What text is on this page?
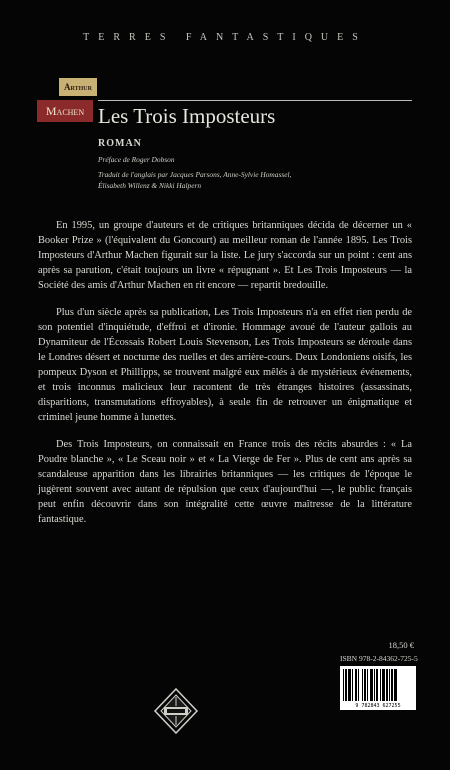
TERRES FANTASTIQUES
Arthur
Machen Les Trois Imposteurs
ROMAN
Préface de Roger Dobson
Traduit de l'anglais par Jacques Parsons, Anne-Sylvie Homassel,
Élisabeth Willenz & Nikki Halpern

En 1995, un groupe d'auteurs et de critiques britanniques décida de décerner un « Booker Prize » (l'équivalent du Goncourt) au meilleur roman de l'année 1895. Les Trois Imposteurs d'Arthur Machen figurait sur la liste. Le jury s'accorda sur un point : cent ans après sa parution, c'était toujours un livre « répugnant ». Et Les Trois Imposteurs — la Société des amis d'Arthur Machen en rit encore — repartit bredouille.

Plus d'un siècle après sa publication, Les Trois Imposteurs n'a en effet rien perdu de son potentiel d'inquiétude, d'effroi et d'ironie. Hommage avoué de l'auteur gallois au Dynamiteur de l'Écossais Robert Louis Stevenson, Les Trois Imposteurs se déroule dans le Londres désert et nocturne des ruelles et des arrière-cours. Deux Londoniens oisifs, les pompeux Dyson et Phillipps, se trouvent malgré eux mêlés à de mystérieux événements, et trois inconnus malicieux leur racontent de très étranges histoires (assassinats, disparitions, transmutations effroyables), à seule fin de retrouver un énigmatique et criminel jeune homme à lunettes.

Des Trois Imposteurs, on connaissait en France trois des récits absurdes : « La Poudre blanche », « Le Sceau noir » et « La Vierge de Fer ». Plus de cent ans après sa scandaleuse apparition dans les librairies britanniques — les critiques de l'époque le jugèrent souvent avec autant de répulsion que ceux d'aujourd'hui —, le public français peut enfin découvrir dans son intégralité cette œuvre maîtresse de la littérature fantastique.

18,50 €
ISBN 978-2-84362-725-5
9 782843 627255
